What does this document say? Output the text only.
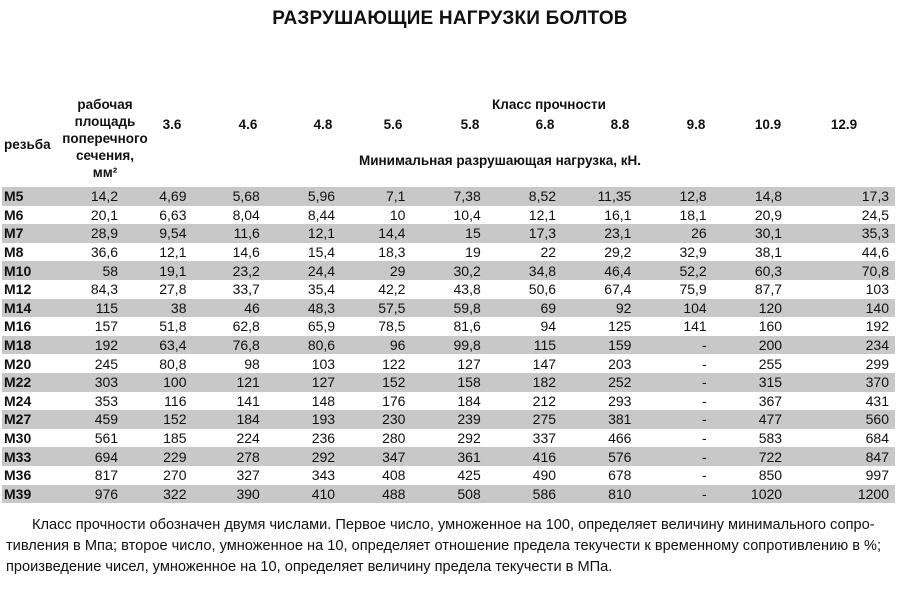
РАЗРУШАЮЩИЕ НАГРУЗКИ БОЛТОВ
рабочая
площадь
поперечного
сечения,
мм²
резьба
Класс прочности
Минимальная разрушающая нагрузка, кН.
3.6	4.6	4.8	5.6	5.8	6.8	8.8	9.8	10.9	12.9
M5	14,2	4,69	5,68	5,96	7,1	7,38	8,52	11,35	12,8	14,8	17,3
M6	20,1	6,63	8,04	8,44	10	10,4	12,1	16,1	18,1	20,9	24,5
M7	28,9	9,54	11,6	12,1	14,4	15	17,3	23,1	26	30,1	35,3
M8	36,6	12,1	14,6	15,4	18,3	19	22	29,2	32,9	38,1	44,6
M10	58	19,1	23,2	24,4	29	30,2	34,8	46,4	52,2	60,3	70,8
M12	84,3	27,8	33,7	35,4	42,2	43,8	50,6	67,4	75,9	87,7	103
M14	115	38	46	48,3	57,5	59,8	69	92	104	120	140
M16	157	51,8	62,8	65,9	78,5	81,6	94	125	141	160	192
M18	192	63,4	76,8	80,6	96	99,8	115	159	-	200	234
M20	245	80,8	98	103	122	127	147	203	-	255	299
M22	303	100	121	127	152	158	182	252	-	315	370
M24	353	116	141	148	176	184	212	293	-	367	431
M27	459	152	184	193	230	239	275	381	-	477	560
M30	561	185	224	236	280	292	337	466	-	583	684
M33	694	229	278	292	347	361	416	576	-	722	847
M36	817	270	327	343	408	425	490	678	-	850	997
M39	976	322	390	410	488	508	586	810	-	1020	1200
Класс прочности обозначен двумя числами. Первое число, умноженное на 100, определяет величину минимального сопро-
тивления в Мпа; второе число, умноженное на 10, определяет отношение предела текучести к временному сопротивлению в %;
произведение чисел, умноженное на 10, определяет величину предела текучести в МПа.
